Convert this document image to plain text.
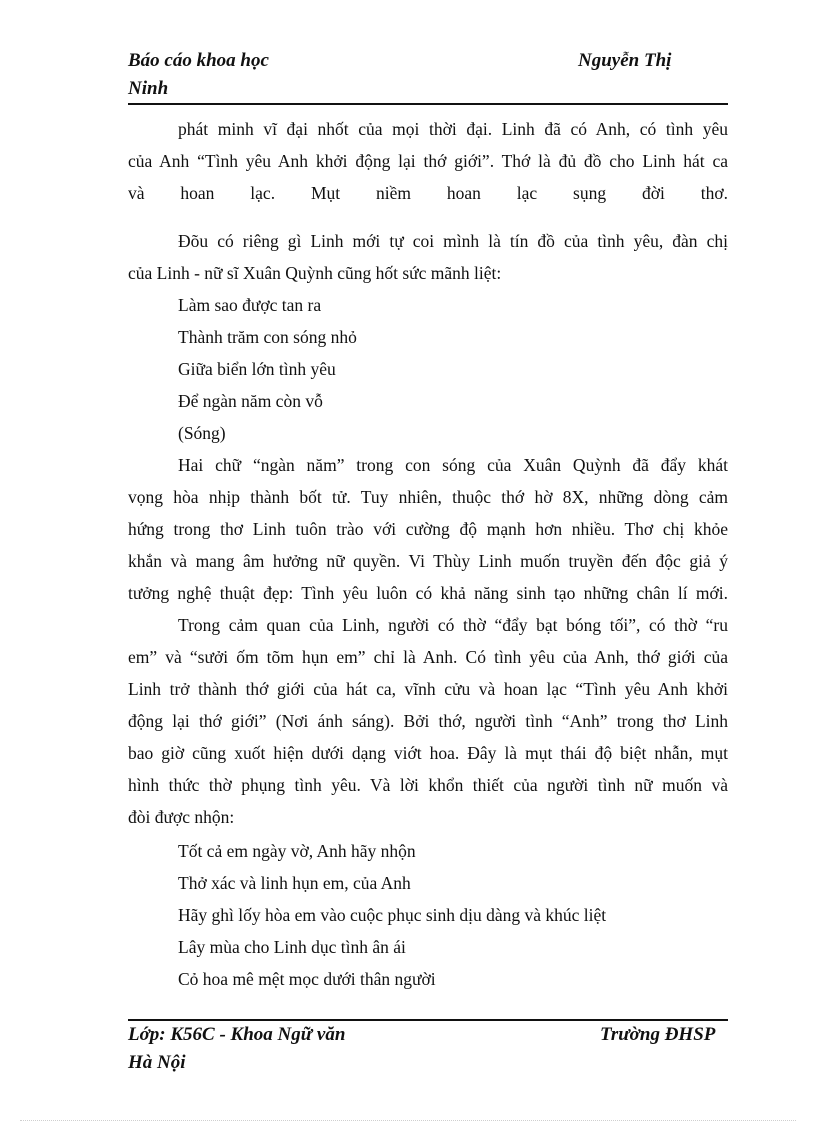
Báo cáo khoa học
Ninh
Nguyễn Thị

phát minh vĩ đại nhốt của mọi thời đại. Linh đã có Anh, có tình yêu

của Anh “Tình yêu Anh khởi động lại thớ giới”. Thớ là đủ đồ cho Linh hát ca

và hoan lạc. Mụt niềm hoan lạc sụng đời thơ.

Đõu có riêng gì Linh mới tự coi mình là tín đồ của tình yêu, đàn chị

của Linh - nữ sĩ Xuân Quỳnh cũng hốt sức mãnh liệt:

Làm sao được tan ra

Thành trăm con sóng nhỏ

Giữa biển lớn tình yêu

Để ngàn năm còn vỗ

(Sóng)

Hai chữ “ngàn năm” trong con sóng của Xuân Quỳnh đã đẩy khát

vọng hòa nhịp thành bốt tử. Tuy nhiên, thuộc thớ hờ 8X, những dòng cảm

hứng trong thơ Linh tuôn trào với cường độ mạnh hơn nhiều. Thơ chị khỏe

khắn và mang âm hưởng nữ quyền. Vi Thùy Linh muốn truyền đến độc giả ý

tưởng nghệ thuật đẹp: Tình yêu luôn có khả năng sinh tạo những chân lí mới.

Trong cảm quan của Linh, người có thờ “đẩy bạt bóng tối”, có thờ “ru

em” và “sưởi ốm tõm hụn em” chỉ là Anh. Có tình yêu của Anh, thớ giới của

Linh trở thành thớ giới của hát ca, vĩnh cửu và hoan lạc “Tình yêu Anh khởi

động lại thớ giới” (Nơi ánh sáng). Bởi thớ, người tình “Anh” trong thơ Linh

bao giờ cũng xuốt hiện dưới dạng viớt hoa. Đây là mụt thái độ biệt nhẫn, mụt

hình thức thờ phụng tình yêu. Và lời khổn thiết của người tình nữ muốn và

đòi được nhộn:

Tốt cả em ngày vờ, Anh hãy nhộn

Thở xác và linh hụn em, của Anh

Hãy ghì lốy hòa em vào cuộc phục sinh dịu dàng và khúc liệt

Lây mùa cho Linh dục tình ân ái

Cỏ hoa mê mệt mọc dưới thân người

Lớp: K56C - Khoa Ngữ văn
Hà Nội
Trường ĐHSP
